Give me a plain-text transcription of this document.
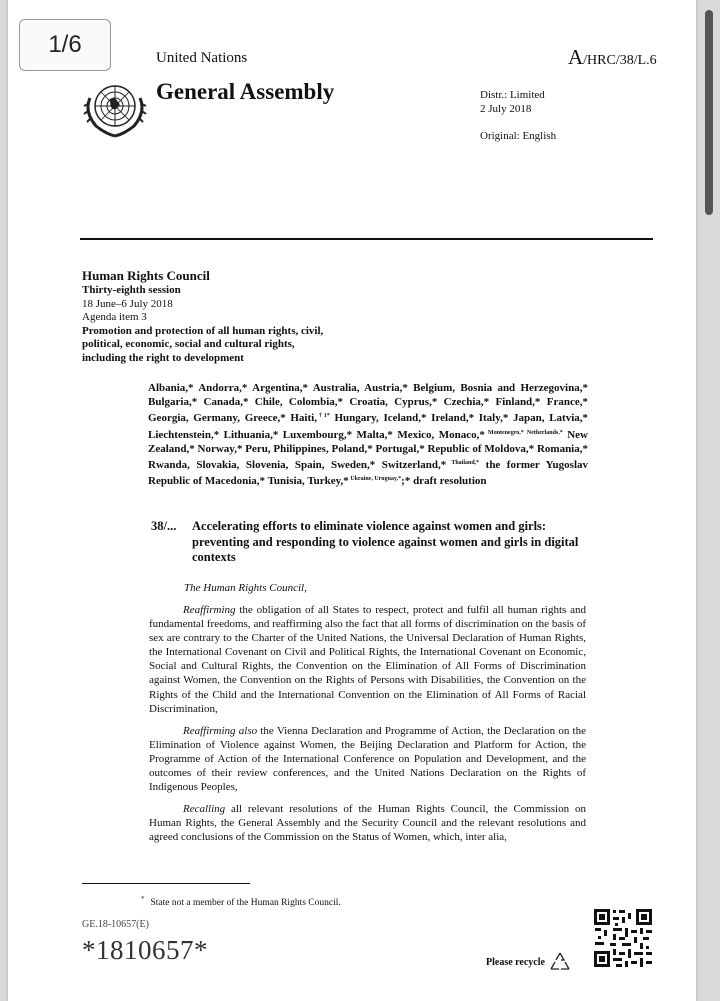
United Nations	A/HRC/38/L.6
General Assembly	Distr.: Limited
2 July 2018
Original: English
Human Rights Council
Thirty-eighth session
18 June–6 July 2018
Agenda item 3
Promotion and protection of all human rights, civil,
political, economic, social and cultural rights,
including the right to development
Albania,* Andorra,* Argentina,* Australia, Austria,* Belgium, Bosnia and Herzegovina,* Bulgaria,* Canada,* Chile, Colombia,* Croatia, Cyprus,* Czechia,* Finland,* France,* Georgia, Germany, Greece,* Haiti,$^{\dagger 1*}$ Hungary, Iceland,* Ireland,* Italy,* Japan, Latvia,* Liechtenstein,* Lithuania,* Luxembourg,* Malta,* Mexico, Monaco,* $^{Montenegro,* Netherlands,*}$ New Zealand,* Norway,* Peru, Philippines, Poland,* Portugal,* Republic of Moldova,* Romania,* Rwanda, Slovakia, Slovenia, Spain, Sweden,* Switzerland,* $^{Thailand,*}$ the former Yugoslav Republic of Macedonia,* Tunisia, Turkey,* $^{Ukraine, Uruguay,*}$;* draft resolution
38/... Accelerating efforts to eliminate violence against women and girls: preventing and responding to violence against women and girls in digital contexts
The Human Rights Council,
Reaffirming the obligation of all States to respect, protect and fulfil all human rights and fundamental freedoms, and reaffirming also the fact that all forms of discrimination on the basis of sex are contrary to the Charter of the United Nations, the Universal Declaration of Human Rights, the International Covenant on Civil and Political Rights, the International Covenant on Economic, Social and Cultural Rights, the Convention on the Elimination of All Forms of Discrimination against Women, the Convention on the Rights of Persons with Disabilities, the Convention on the Rights of the Child and the International Convention on the Elimination of All Forms of Racial Discrimination,
Reaffirming also the Vienna Declaration and Programme of Action, the Declaration on the Elimination of Violence against Women, the Beijing Declaration and Platform for Action, the Programme of Action of the International Conference on Population and Development, and the outcomes of their review conferences, and the United Nations Declaration on the Rights of Indigenous Peoples,
Recalling all relevant resolutions of the Human Rights Council, the Commission on Human Rights, the General Assembly and the Security Council and the relevant resolutions and agreed conclusions of the Commission on the Status of Women, which, inter alia,
* State not a member of the Human Rights Council.
GE.18-10657(E)
*1810657*	Please recycle
1/6
